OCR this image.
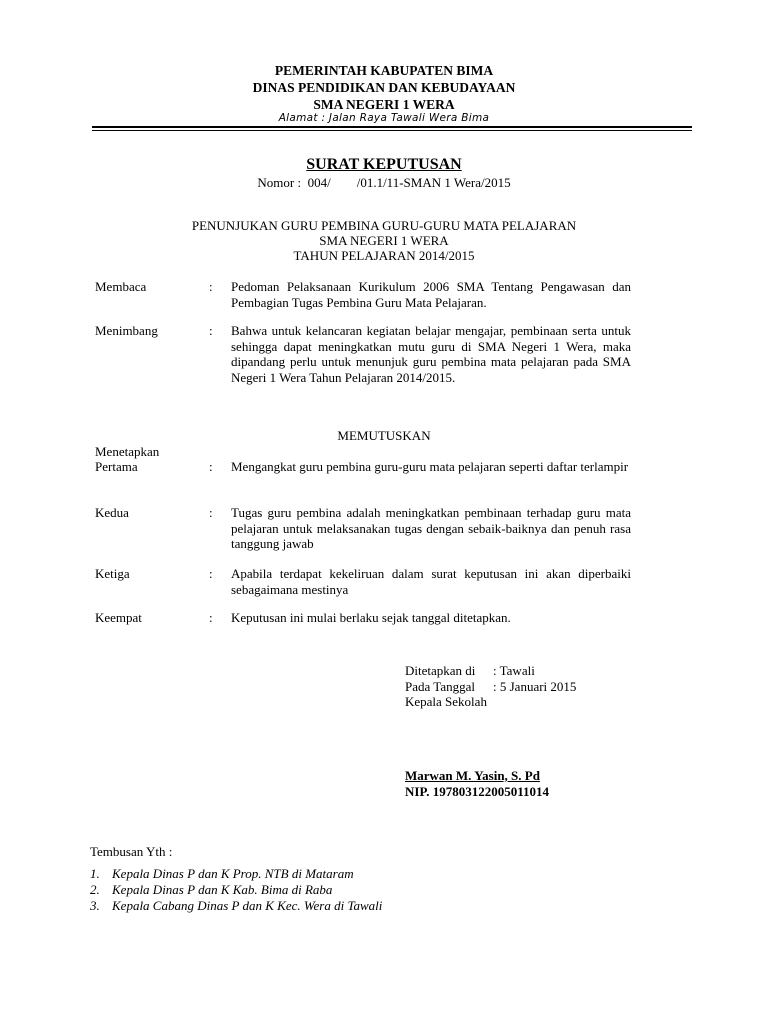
PEMERINTAH KABUPATEN BIMA
DINAS PENDIDIKAN DAN KEBUDAYAAN
SMA NEGERI 1 WERA
Alamat : Jalan Raya Tawali Wera Bima
SURAT KEPUTUSAN
Nomor :  004/        /01.1/11-SMAN 1 Wera/2015
PENUNJUKAN GURU PEMBINA GURU-GURU MATA PELAJARAN
SMA NEGERI 1 WERA
TAHUN PELAJARAN 2014/2015
Membaca	: Pedoman Pelaksanaan Kurikulum 2006 SMA Tentang Pengawasan dan Pembagian Tugas Pembina Guru Mata Pelajaran.
Menimbang	: Bahwa untuk kelancaran kegiatan belajar mengajar, pembinaan serta untuk sehingga dapat meningkatkan mutu guru di SMA Negeri 1 Wera, maka dipandang perlu untuk menunjuk guru pembina mata pelajaran pada SMA Negeri 1 Wera Tahun Pelajaran 2014/2015.
MEMUTUSKAN
Menetapkan
Pertama	: Mengangkat guru pembina guru-guru mata pelajaran seperti daftar terlampir
Kedua	: Tugas guru pembina adalah meningkatkan pembinaan terhadap guru mata pelajaran untuk melaksanakan tugas dengan sebaik-baiknya dan penuh rasa tanggung jawab
Ketiga	: Apabila terdapat kekeliruan dalam surat keputusan ini akan diperbaiki sebagaimana mestinya
Keempat	: Keputusan ini mulai berlaku sejak tanggal ditetapkan.
Ditetapkan di : Tawali
Pada Tanggal : 5 Januari 2015
Kepala Sekolah
Marwan M. Yasin, S. Pd
NIP. 197803122005011014
Tembusan Yth :
1. Kepala Dinas P dan K Prop. NTB di Mataram
2. Kepala Dinas P dan K Kab. Bima di Raba
3. Kepala Cabang Dinas P dan K Kec. Wera di Tawali
